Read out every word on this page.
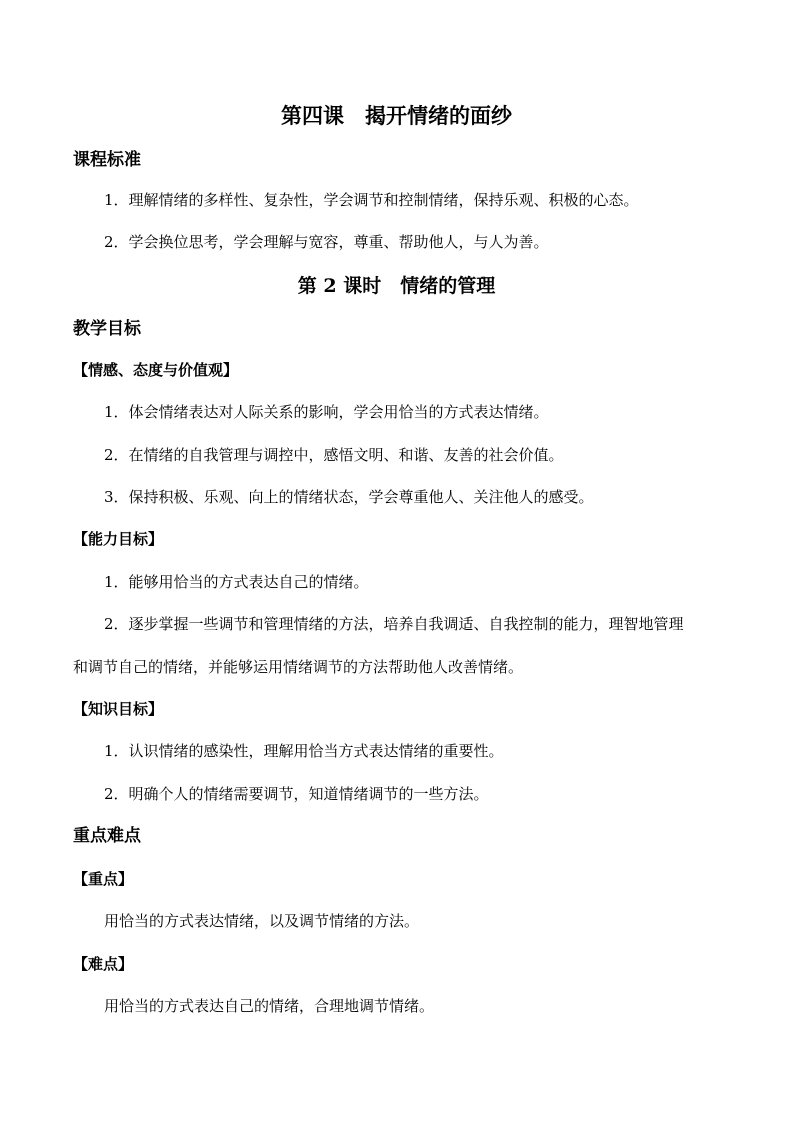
第四课　揭开情绪的面纱
课程标准
1．理解情绪的多样性、复杂性，学会调节和控制情绪，保持乐观、积极的心态。
2．学会换位思考，学会理解与宽容，尊重、帮助他人，与人为善。
第 2 课时　情绪的管理
教学目标
【情感、态度与价值观】
1．体会情绪表达对人际关系的影响，学会用恰当的方式表达情绪。
2．在情绪的自我管理与调控中，感悟文明、和谐、友善的社会价值。
3．保持积极、乐观、向上的情绪状态，学会尊重他人、关注他人的感受。
【能力目标】
1．能够用恰当的方式表达自己的情绪。
2．逐步掌握一些调节和管理情绪的方法，培养自我调适、自我控制的能力，理智地管理
和调节自己的情绪，并能够运用情绪调节的方法帮助他人改善情绪。
【知识目标】
1．认识情绪的感染性，理解用恰当方式表达情绪的重要性。
2．明确个人的情绪需要调节，知道情绪调节的一些方法。
重点难点
【重点】
用恰当的方式表达情绪，以及调节情绪的方法。
【难点】
用恰当的方式表达自己的情绪，合理地调节情绪。
